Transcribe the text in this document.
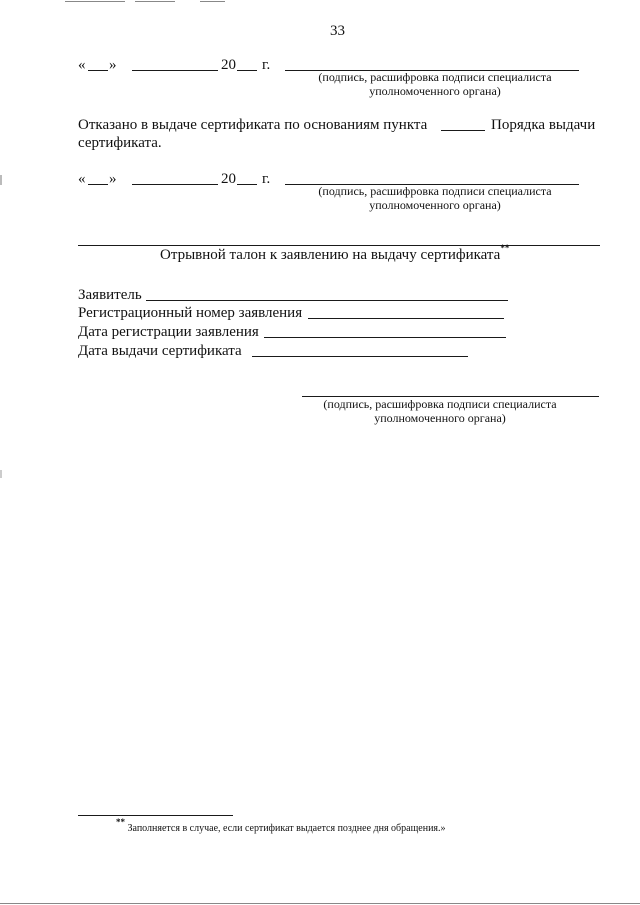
33
« »	20 г.
(подпись, расшифровка подписи специалиста
уполномоченного органа)
Отказано в выдаче сертификата по основаниям пункта	Порядка выдачи
сертификата.
« »	20 г.
(подпись, расшифровка подписи специалиста
уполномоченного органа)
Отрывной талон к заявлению на выдачу сертификата**
Заявитель
Регистрационный номер заявления
Дата регистрации заявления
Дата выдачи сертификата
(подпись, расшифровка подписи специалиста
уполномоченного органа)
** Заполняется в случае, если сертификат выдается позднее дня обращения.»
